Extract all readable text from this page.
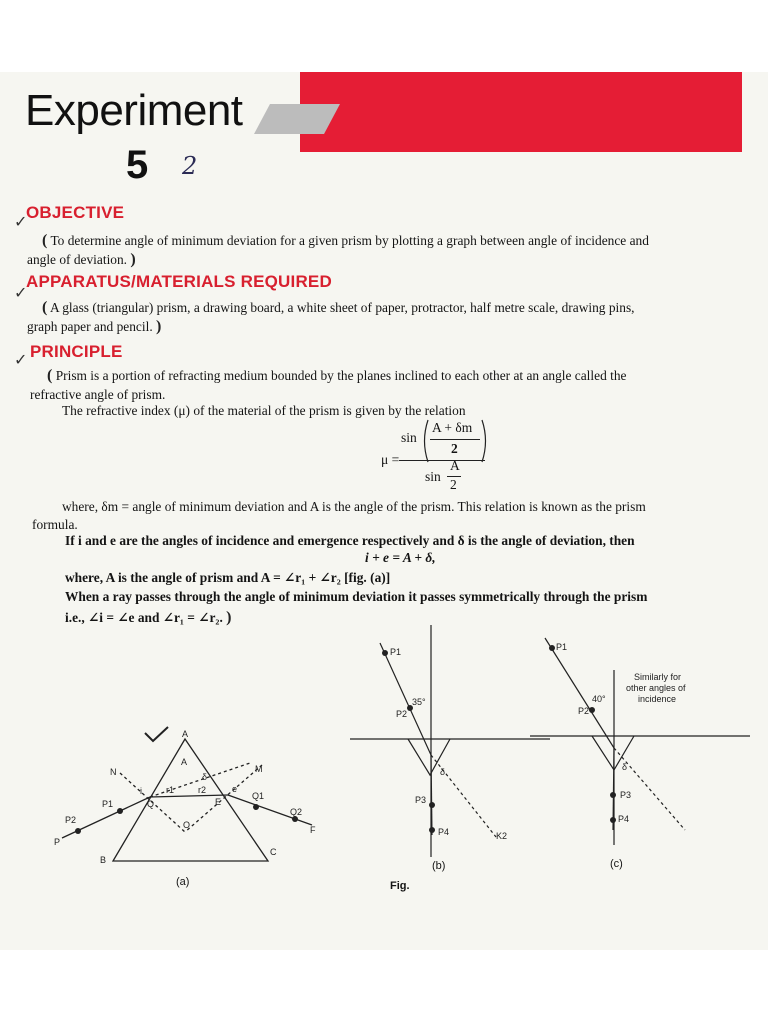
Experiment
5 2
✓
OBJECTIVE

( To determine angle of minimum deviation for a given prism by plotting a graph between angle of incidence and

angle of deviation. )

✓
APPARATUS/MATERIALS REQUIRED

( A glass (triangular) prism, a drawing board, a white sheet of paper, protractor, half metre scale, drawing pins,

graph paper and pencil. )

✓ PRINCIPLE

( Prism is a portion of refracting medium bounded by the planes inclined to each other at an angle called the

refractive angle of prism.

The refractive index (μ) of the material of the prism is given by the relation

sin
A + δm
2
μ =
sin
A
2

where, δm = angle of minimum deviation and A is the angle of the prism. This relation is known as the prism

formula.

If i and e are the angles of incidence and emergence respectively and δ is the angle of deviation, then

i + e = A + δ,

where, A is the angle of prism and A = ∠r₁ + ∠r₂ [fig. (a)]

When a ray passes through the angle of minimum deviation it passes symmetrically through the prism

i.e., ∠i = ∠e and ∠r₁ = ∠r₂. )

A
A
B
C
N	M
P
P1
P2
Q
Q1
Q2
E
F
O
i	e
r1	r2
δ
(a)
P1
P2
P3
P4	K2
35°
δ
(b)
Fig.
P1
P2
P3
P4
40°
δ
Similarly for
other angles of
incidence
(c)
